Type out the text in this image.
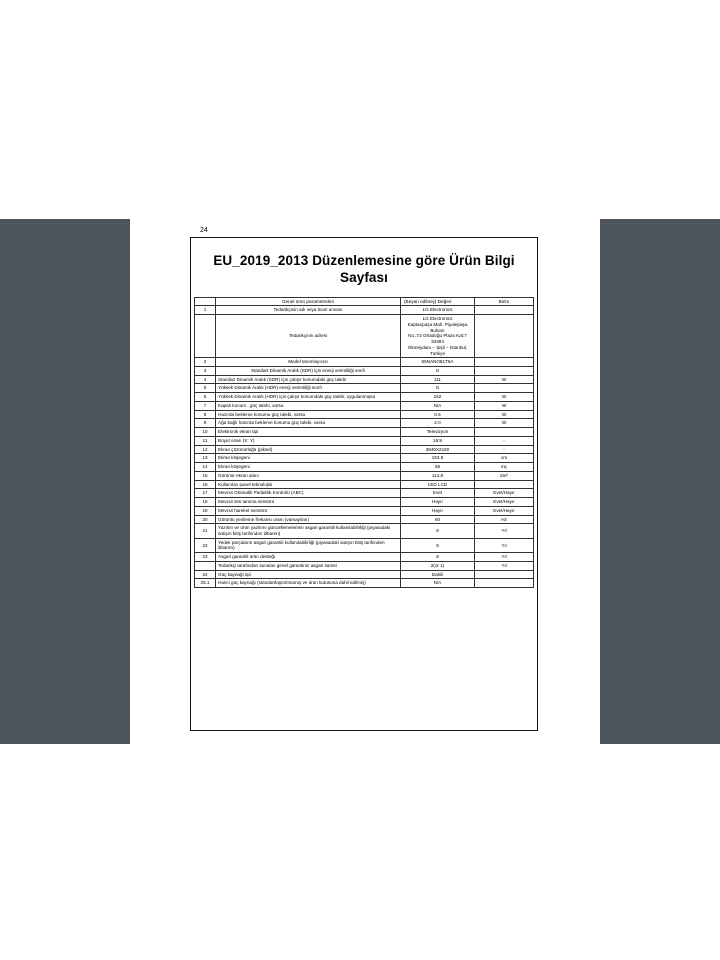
24
EU_2019_2013 Düzenlemesine göre Ürün Bilgi Sayfası
	Genel ürün parametreleri	(Beyan edilmiş) Değeri	Birim
1	Tedarikçinin adı veya ticari unvanı	LG Electronics	
	Tedarikçinin adresi	LG Electronics
Kaptanpaşa Mah. Piyalepaşa Bulvarı
No.:73 Ortadoğu Plaza Kat:7 34384
Okmeydanı – Şişli – İstanbul, Türkiye	
2	Model tanımlayıcısı	65NANO81T6A	
3	Standart Dinamik Aralık (SDR) için enerji verimliliği sınıfı	G	
4	Standart Dinamik Aralık (SDR) için çalışır konumdaki güç talebi	111	W
5	Yüksek Dinamik Aralık (HDR) enerji verimliliği sınıfı	G	
6	Yüksek Dinamik Aralık (HDR) için çalışır konumdaki güç talebi, uygulanmışsa	162	W
7	Kapalı konum , güç talebi, varsa	N/A	W
8	Hazırda bekleme konumu güç talebi, varsa	0.5	W
9	Ağa bağlı hazırda bekleme konumu güç talebi, varsa	2.0	W
10	Elektronik ekran tipi	Televizyon	
11	Boyut oranı (X: Y)	16:9	-
12	Ekran çözünürlüğü (piksel)	3840X2160	-
13	Ekran köşegeni	163.9	cm
14	Ekran köşegeni	65	inç
15	Görünür ekran alanı	114.8	dm²
16	Kullanılan panel teknolojisi	LED LCD	
17	Mevcut Otomatik Parlaklık Kontrolü (ABC)	Evet	Evet/Hayır
18	Mevcut ses tanıma sensörü	Hayır	Evet/Hayır
19	Mevcut hareket sensörü	Hayır	Evet/Hayır
20	Görüntü yenileme frekansı oranı (varsayılan)	60	Hz
21	Yazılım ve ürün yazılımı güncellemelerinin asgari garantili kullanılabilirliği (piyasadaki satışın bitiş tarihinden itibaren)	8	Yıl
22	Yedek parçaların asgari garantili kullanılabilirliği (piyasadaki satışın bitiş tarihinden itibaren)	8	Yıl
23	Asgari garantili ürün desteği	8	Yıl
	Tedarikçi tarafından sunulan genel garantinin asgari süresi	2(or 1)	Yıl
24	Güç kaynağı tipi	Dahili	
25.1	Harici güç kaynağı (standartlaştırılmamış ve ürün kutusuna dahil edilmiş)	N/A	
